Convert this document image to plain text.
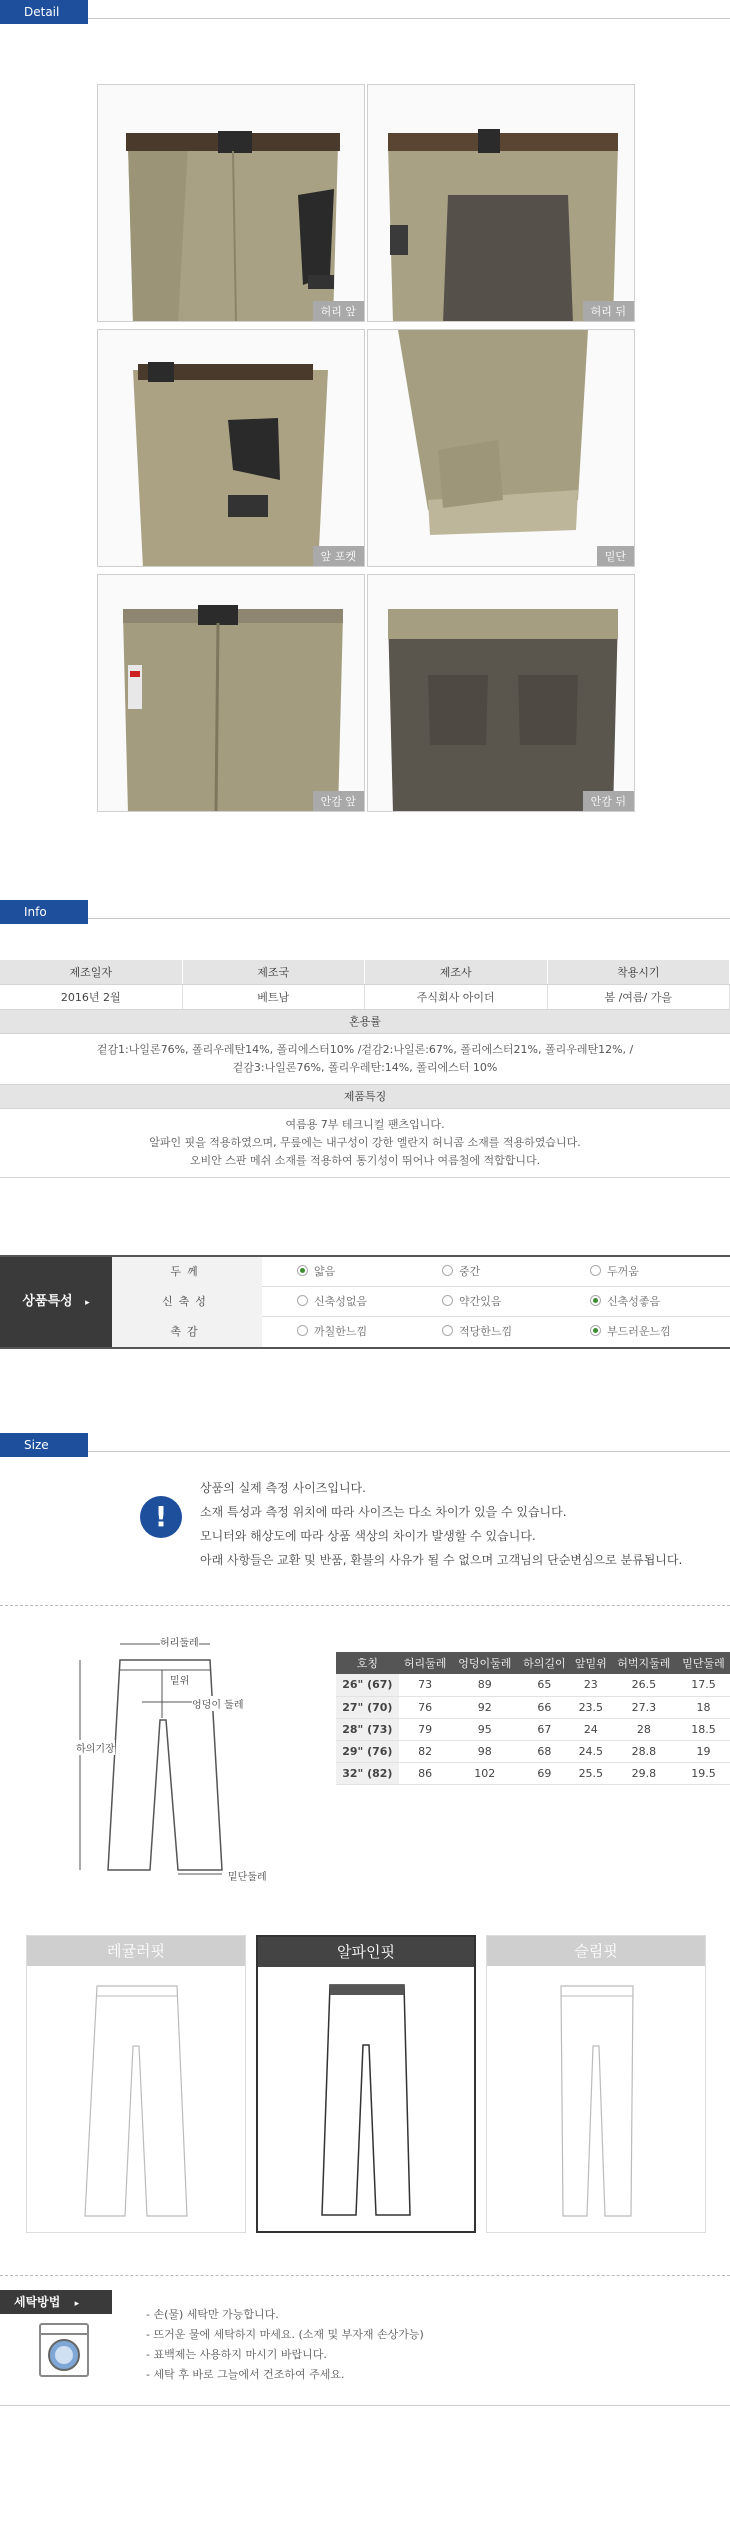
Detail
허리 앞	허리 뒤
앞 포켓	밑단
안감 앞	안감 뒤
Info
제조일자	제조국	제조사	착용시기
2016년 2월	베트남	주식회사 아이더	봄 /여름/ 가을
혼용률
겉감1:나일론76%, 폴리우레탄14%, 폴리에스터10% /겉감2:나일론:67%, 폴리에스터21%, 폴리우레탄12%, /
겉감3:나일론76%, 폴리우레탄:14%, 폴리에스터 10%
제품특징
여름용 7부 테크니컬 팬츠입니다.
알파인 핏을 적용하였으며, 무릎에는 내구성이 강한 엘란지 허니콤 소재를 적용하였습니다.
오비안 스판 메쉬 소재를 적용하여 통기성이 뛰어나 여름철에 적합합니다.
상품특성 ▸
두께	얇음	중간	두꺼움
신축성	신축성없음	약간있음	신축성좋음
촉감	까칠한느낌	적당한느낌	부드러운느낌
Size
!
상품의 실제 측정 사이즈입니다.
소재 특성과 측정 위치에 따라 사이즈는 다소 차이가 있을 수 있습니다.
모니터와 해상도에 따라 상품 색상의 차이가 발생할 수 있습니다.
아래 사항들은 교환 및 반품, 환불의 사유가 될 수 없으며 고객님의 단순변심으로 분류됩니다.
허리둘레
밑위
엉덩이 둘레
하의기장
밑단둘레
호칭	허리둘레	엉덩이둘레	하의길이	앞밑위	허벅지둘레	밑단둘레
26" (67)	73	89	65	23	26.5	17.5
27" (70)	76	92	66	23.5	27.3	18
28" (73)	79	95	67	24	28	18.5
29" (76)	82	98	68	24.5	28.8	19
32" (82)	86	102	69	25.5	29.8	19.5
레귤러핏	알파인핏	슬림핏
세탁방법 ▸
- 손(물) 세탁만 가능합니다.
- 뜨거운 물에 세탁하지 마세요. (소재 및 부자재 손상가능)
- 표백제는 사용하지 마시기 바랍니다.
- 세탁 후 바로 그늘에서 건조하여 주세요.
